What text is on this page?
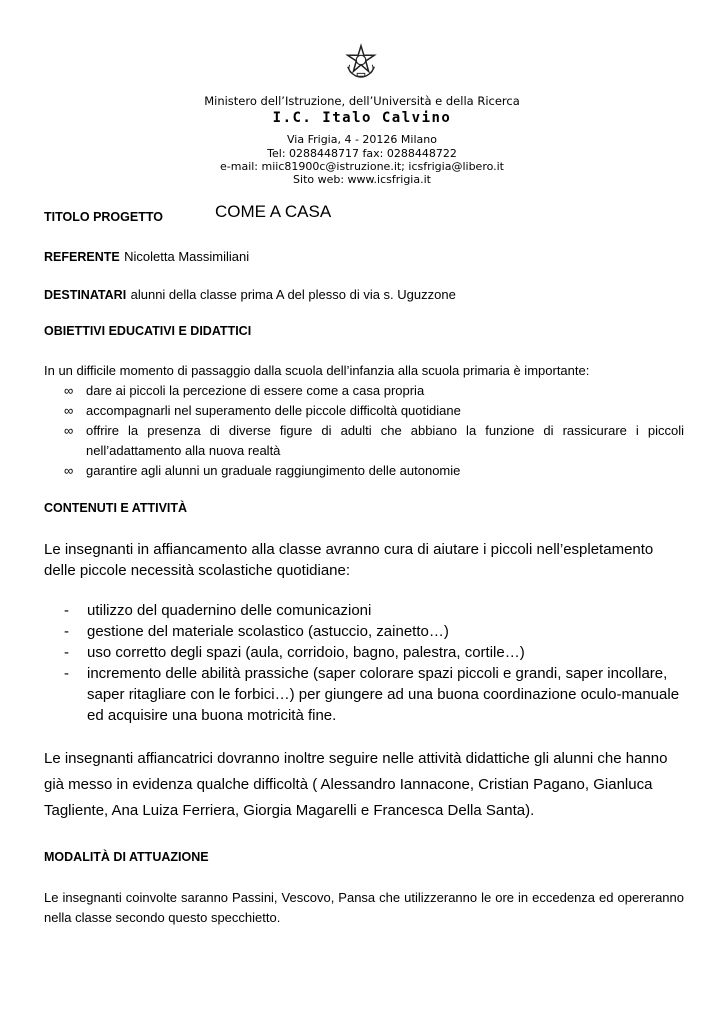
Ministero dell’Istruzione, dell’Università e della Ricerca
I.C. Italo Calvino
Via Frigia, 4 - 20126 Milano
Tel: 0288448717 fax: 0288448722
e-mail: miic81900c@istruzione.it; icsfrigia@libero.it
Sito web: www.icsfrigia.it
TITOLO PROGETTO	COME A CASA
REFERENTE Nicoletta Massimiliani
DESTINATARI alunni della classe prima A del plesso di via s. Uguzzone
OBIETTIVI EDUCATIVI E DIDATTICI
In un difficile momento di passaggio dalla scuola dell’infanzia alla scuola primaria è importante:
∞ dare ai piccoli la percezione di essere come a casa propria
∞ accompagnarli nel superamento delle piccole difficoltà quotidiane
∞ offrire la presenza di diverse figure di adulti che abbiano la funzione di rassicurare i piccoli nell’adattamento alla nuova realtà
∞ garantire agli alunni un graduale raggiungimento delle autonomie
CONTENUTI E ATTIVITÀ
Le insegnanti in affiancamento alla classe avranno cura di aiutare i piccoli nell’espletamento delle piccole necessità scolastiche quotidiane:
- utilizzo del quadernino delle comunicazioni
- gestione del materiale scolastico (astuccio, zainetto…)
- uso corretto degli spazi (aula, corridoio, bagno, palestra, cortile…)
- incremento delle abilità prassiche (saper colorare spazi piccoli e grandi, saper incollare, saper ritagliare con le forbici…) per giungere ad una buona coordinazione oculo-manuale ed acquisire una buona motricità fine.
Le insegnanti affiancatrici dovranno inoltre seguire nelle attività didattiche gli alunni che hanno già messo in evidenza qualche difficoltà ( Alessandro Iannacone, Cristian Pagano, Gianluca Tagliente, Ana Luiza Ferriera, Giorgia Magarelli e Francesca Della Santa).
MODALITÀ DI ATTUAZIONE
Le insegnanti coinvolte saranno Passini, Vescovo, Pansa che utilizzeranno le ore in eccedenza ed opereranno nella classe secondo questo specchietto.
